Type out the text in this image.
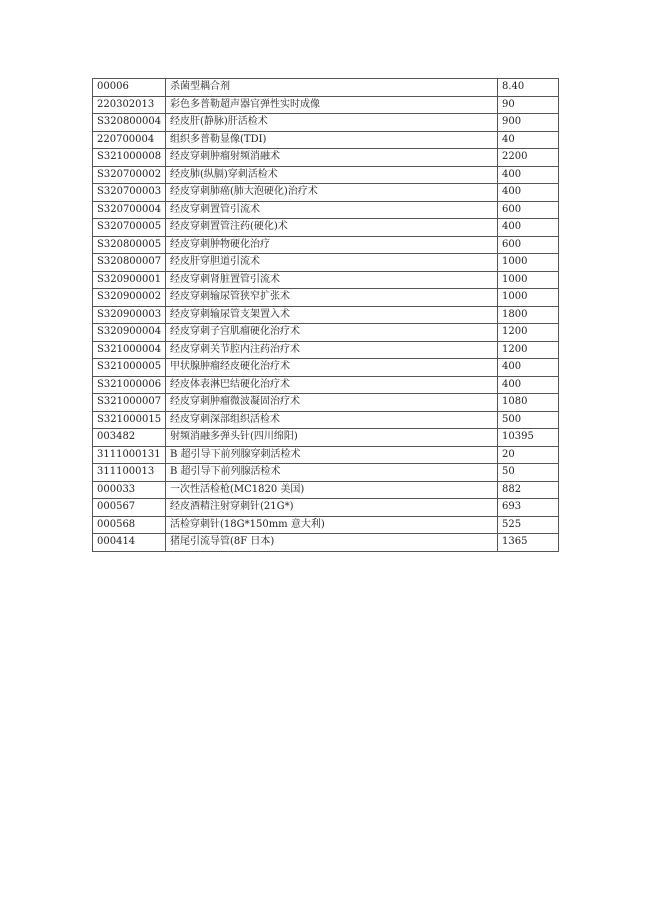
00006	杀菌型耦合剂	8.40
220302013	彩色多普勒超声器官弹性实时成像	90
S320800004	经皮肝(静脉)肝活检术	900
220700004	组织多普勒显像(TDI)	40
S321000008	经皮穿刺肿瘤射频消融术	2200
S320700002	经皮肺(纵膈)穿刺活检术	400
S320700003	经皮穿刺肺癌(肺大泡硬化)治疗术	400
S320700004	经皮穿刺置管引流术	600
S320700005	经皮穿刺置管注药(硬化)术	400
S320800005	经皮穿刺肿物硬化治疗	600
S320800007	经皮肝穿胆道引流术	1000
S320900001	经皮穿刺肾脏置管引流术	1000
S320900002	经皮穿刺输尿管狭窄扩张术	1000
S320900003	经皮穿刺输尿管支架置入术	1800
S320900004	经皮穿刺子宫肌瘤硬化治疗术	1200
S321000004	经皮穿刺关节腔内注药治疗术	1200
S321000005	甲状腺肿瘤经皮硬化治疗术	400
S321000006	经皮体表淋巴结硬化治疗术	400
S321000007	经皮穿刺肿瘤微波凝固治疗术	1080
S321000015	经皮穿刺深部组织活检术	500
003482	射频消融多弹头针(四川绵阳)	10395
3111000131	B 超引导下前列腺穿刺活检术	20
311100013	B 超引导下前列腺活检术	50
000033	一次性活检枪(MC1820 美国)	882
000567	经皮酒精注射穿刺针(21G*)	693
000568	活检穿刺针(18G*150mm 意大利)	525
000414	猪尾引流导管(8F 日本)	1365
